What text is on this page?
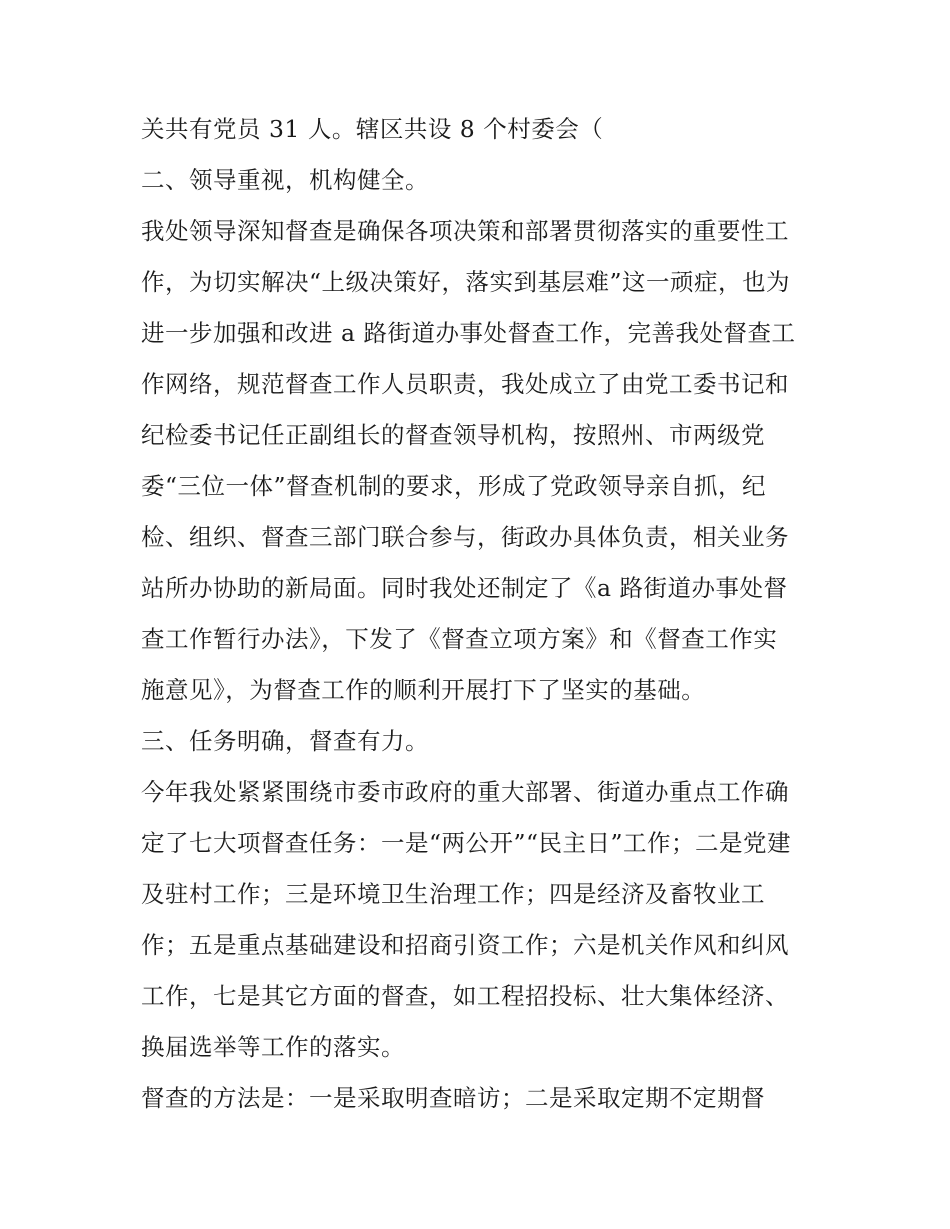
关共有党员 31 人。辖区共设 8 个村委会（
二、领导重视，机构健全。
我处领导深知督查是确保各项决策和部署贯彻落实的重要性工
作，为切实解决“上级决策好，落实到基层难”这一顽症，也为
进一步加强和改进 a 路街道办事处督查工作，完善我处督查工
作网络，规范督查工作人员职责，我处成立了由党工委书记和
纪检委书记任正副组长的督查领导机构，按照州、市两级党
委“三位一体”督查机制的要求，形成了党政领导亲自抓，纪
检、组织、督查三部门联合参与，街政办具体负责，相关业务
站所办协助的新局面。同时我处还制定了《a 路街道办事处督
查工作暂行办法》，下发了《督查立项方案》和《督查工作实
施意见》，为督查工作的顺利开展打下了坚实的基础。
三、任务明确，督查有力。
今年我处紧紧围绕市委市政府的重大部署、街道办重点工作确
定了七大项督查任务：一是“两公开”“民主日”工作；二是党建
及驻村工作；三是环境卫生治理工作；四是经济及畜牧业工
作；五是重点基础建设和招商引资工作；六是机关作风和纠风
工作，七是其它方面的督查，如工程招投标、壮大集体经济、
换届选举等工作的落实。
督查的方法是：一是采取明查暗访；二是采取定期不定期督
